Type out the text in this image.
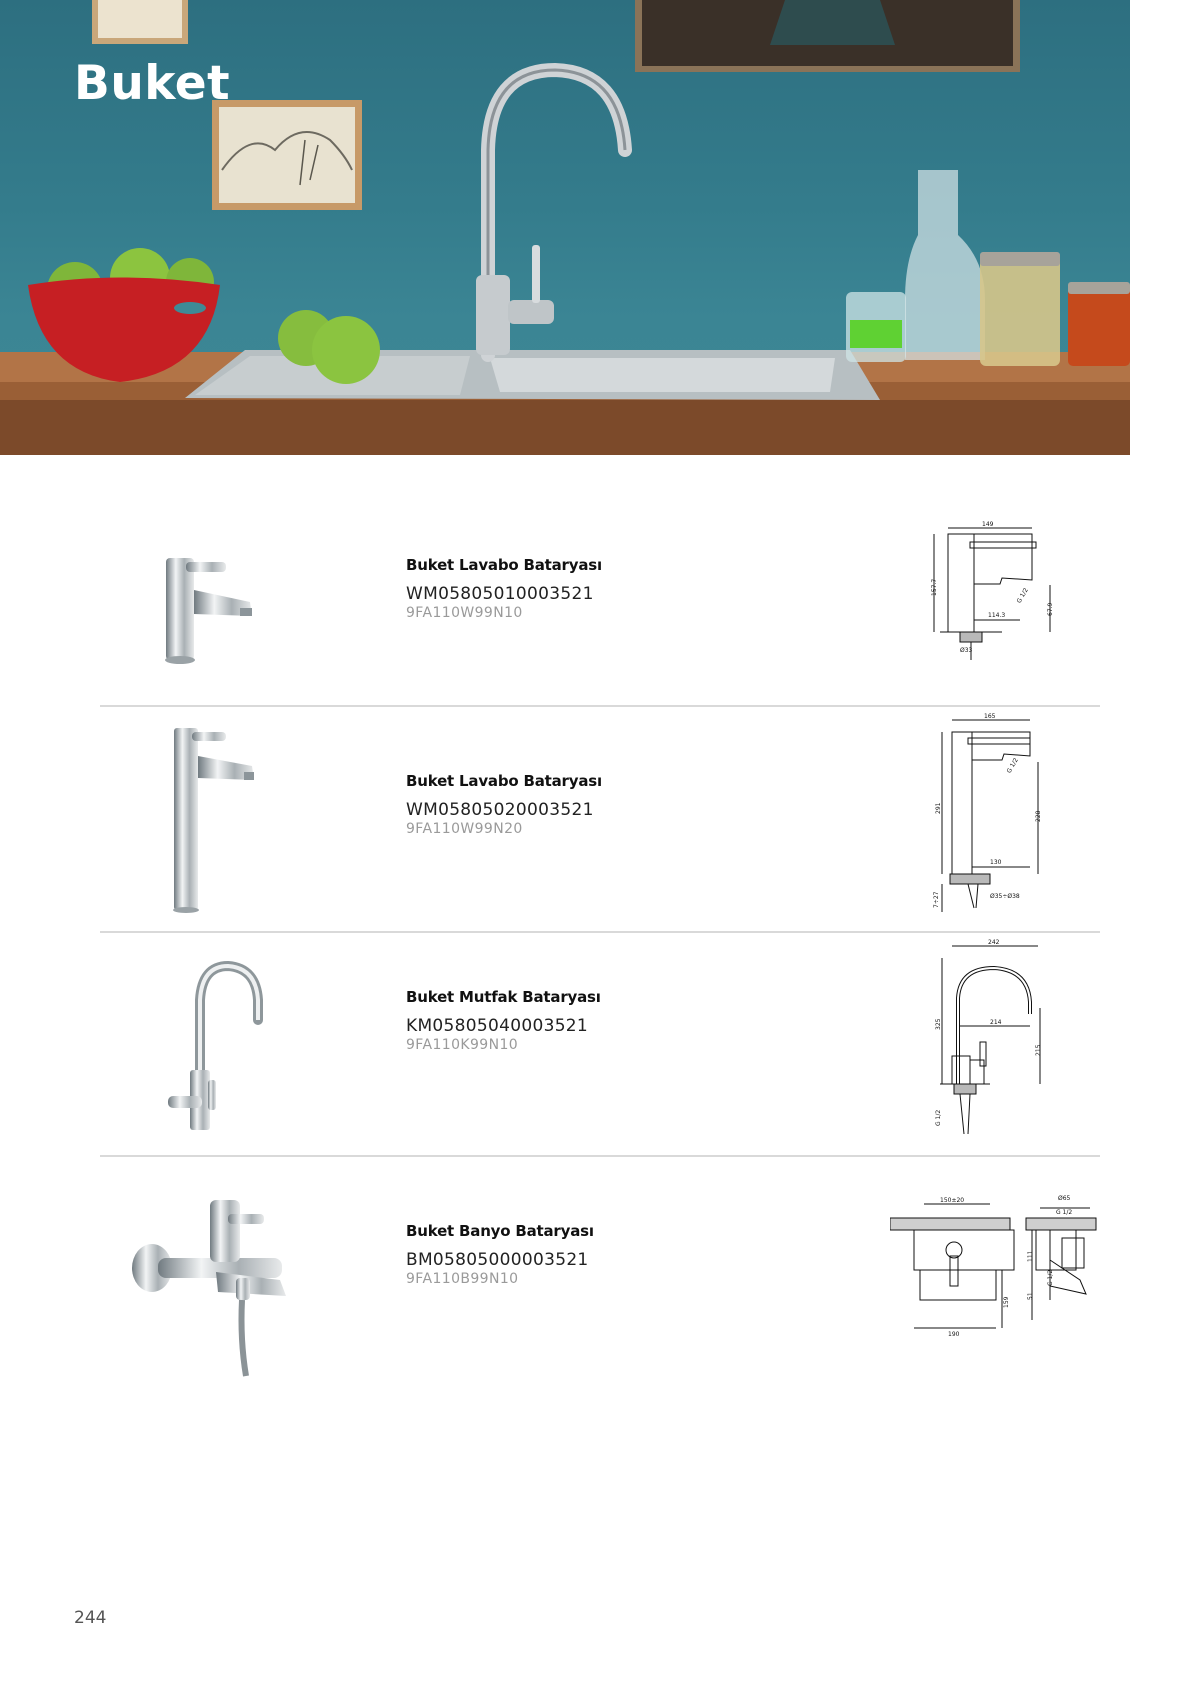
Buket

Buket Lavabo Bataryası

WM05805010003521

9FA110W99N10

149
157.7
114.3	67.9
Ø33
G 1/2

Buket Lavabo Bataryası

WM05805020003521

9FA110W99N20

165
291
228
130
G 1/2
Ø35÷Ø38
7÷27

Buket Mutfak Bataryası

KM05805040003521

9FA110K99N10

242
325	214
215
G 1/2

Buket Banyo Bataryası

BM05805000003521

9FA110B99N10

150±20
190
159
Ø65
G 1/2
111
51
G 1/2
244
